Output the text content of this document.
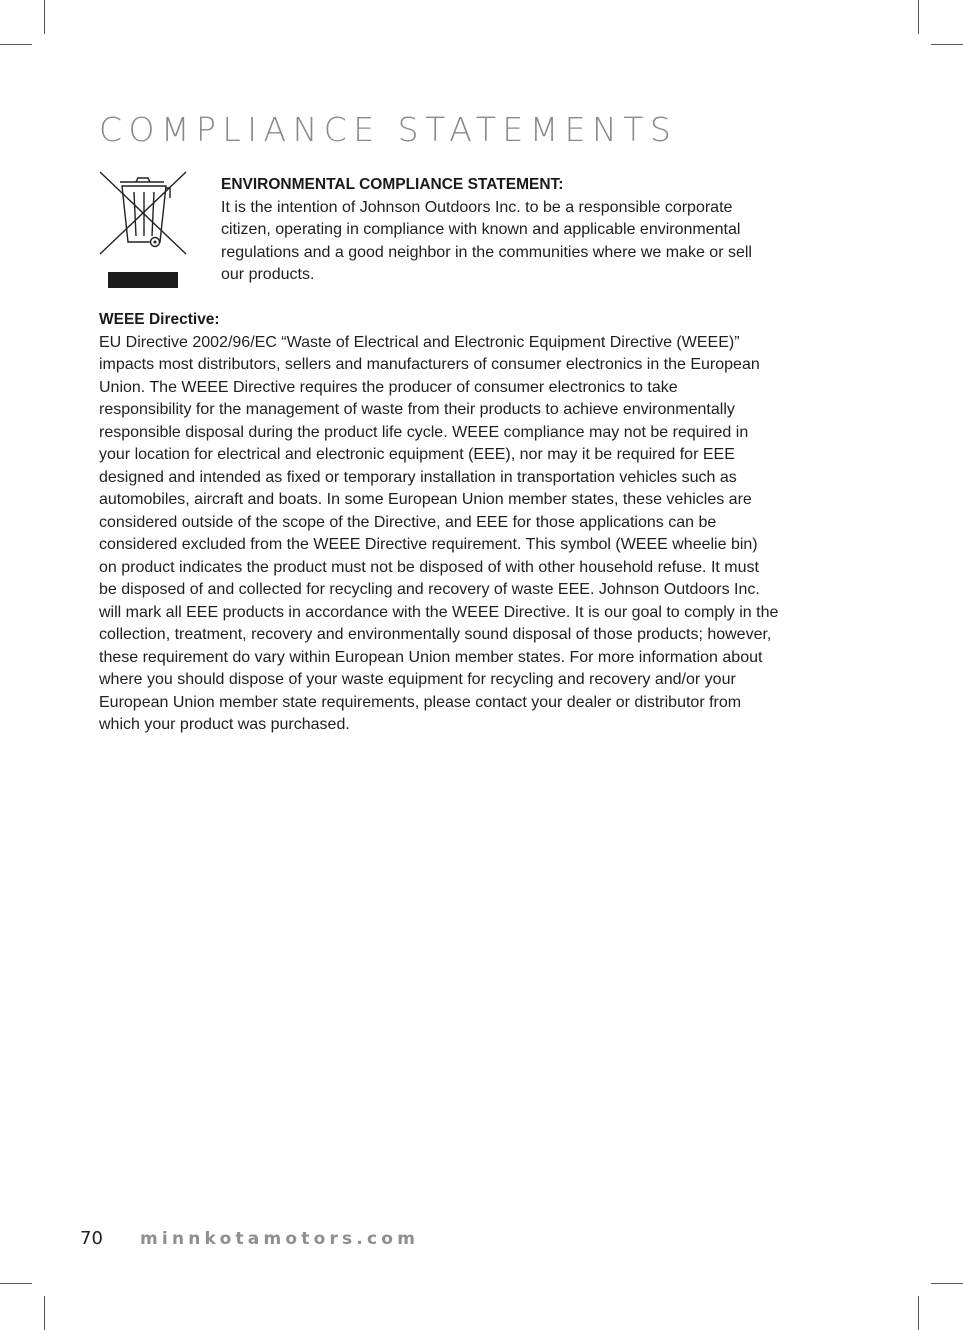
COMPLIANCE STATEMENTS
ENVIRONMENTAL COMPLIANCE STATEMENT:
It is the intention of Johnson Outdoors Inc. to be a responsible corporate
citizen, operating in compliance with known and applicable environmental
regulations and a good neighbor in the communities where we make or sell
our products.
WEEE Directive:
EU Directive 2002/96/EC “Waste of Electrical and Electronic Equipment Directive (WEEE)”
impacts most distributors, sellers and manufacturers of consumer electronics in the European
Union. The WEEE Directive requires the producer of consumer electronics to take
responsibility for the management of waste from their products to achieve environmentally
responsible disposal during the product life cycle. WEEE compliance may not be required in
your location for electrical and electronic equipment (EEE), nor may it be required for EEE
designed and intended as fixed or temporary installation in transportation vehicles such as
automobiles, aircraft and boats. In some European Union member states, these vehicles are
considered outside of the scope of the Directive, and EEE for those applications can be
considered excluded from the WEEE Directive requirement. This symbol (WEEE wheelie bin)
on product indicates the product must not be disposed of with other household refuse. It must
be disposed of and collected for recycling and recovery of waste EEE. Johnson Outdoors Inc.
will mark all EEE products in accordance with the WEEE Directive. It is our goal to comply in the
collection, treatment, recovery and environmentally sound disposal of those products; however,
these requirement do vary within European Union member states. For more information about
where you should dispose of your waste equipment for recycling and recovery and/or your
European Union member state requirements, please contact your dealer or distributor from
which your product was purchased.
70 minnkotamotors.com
